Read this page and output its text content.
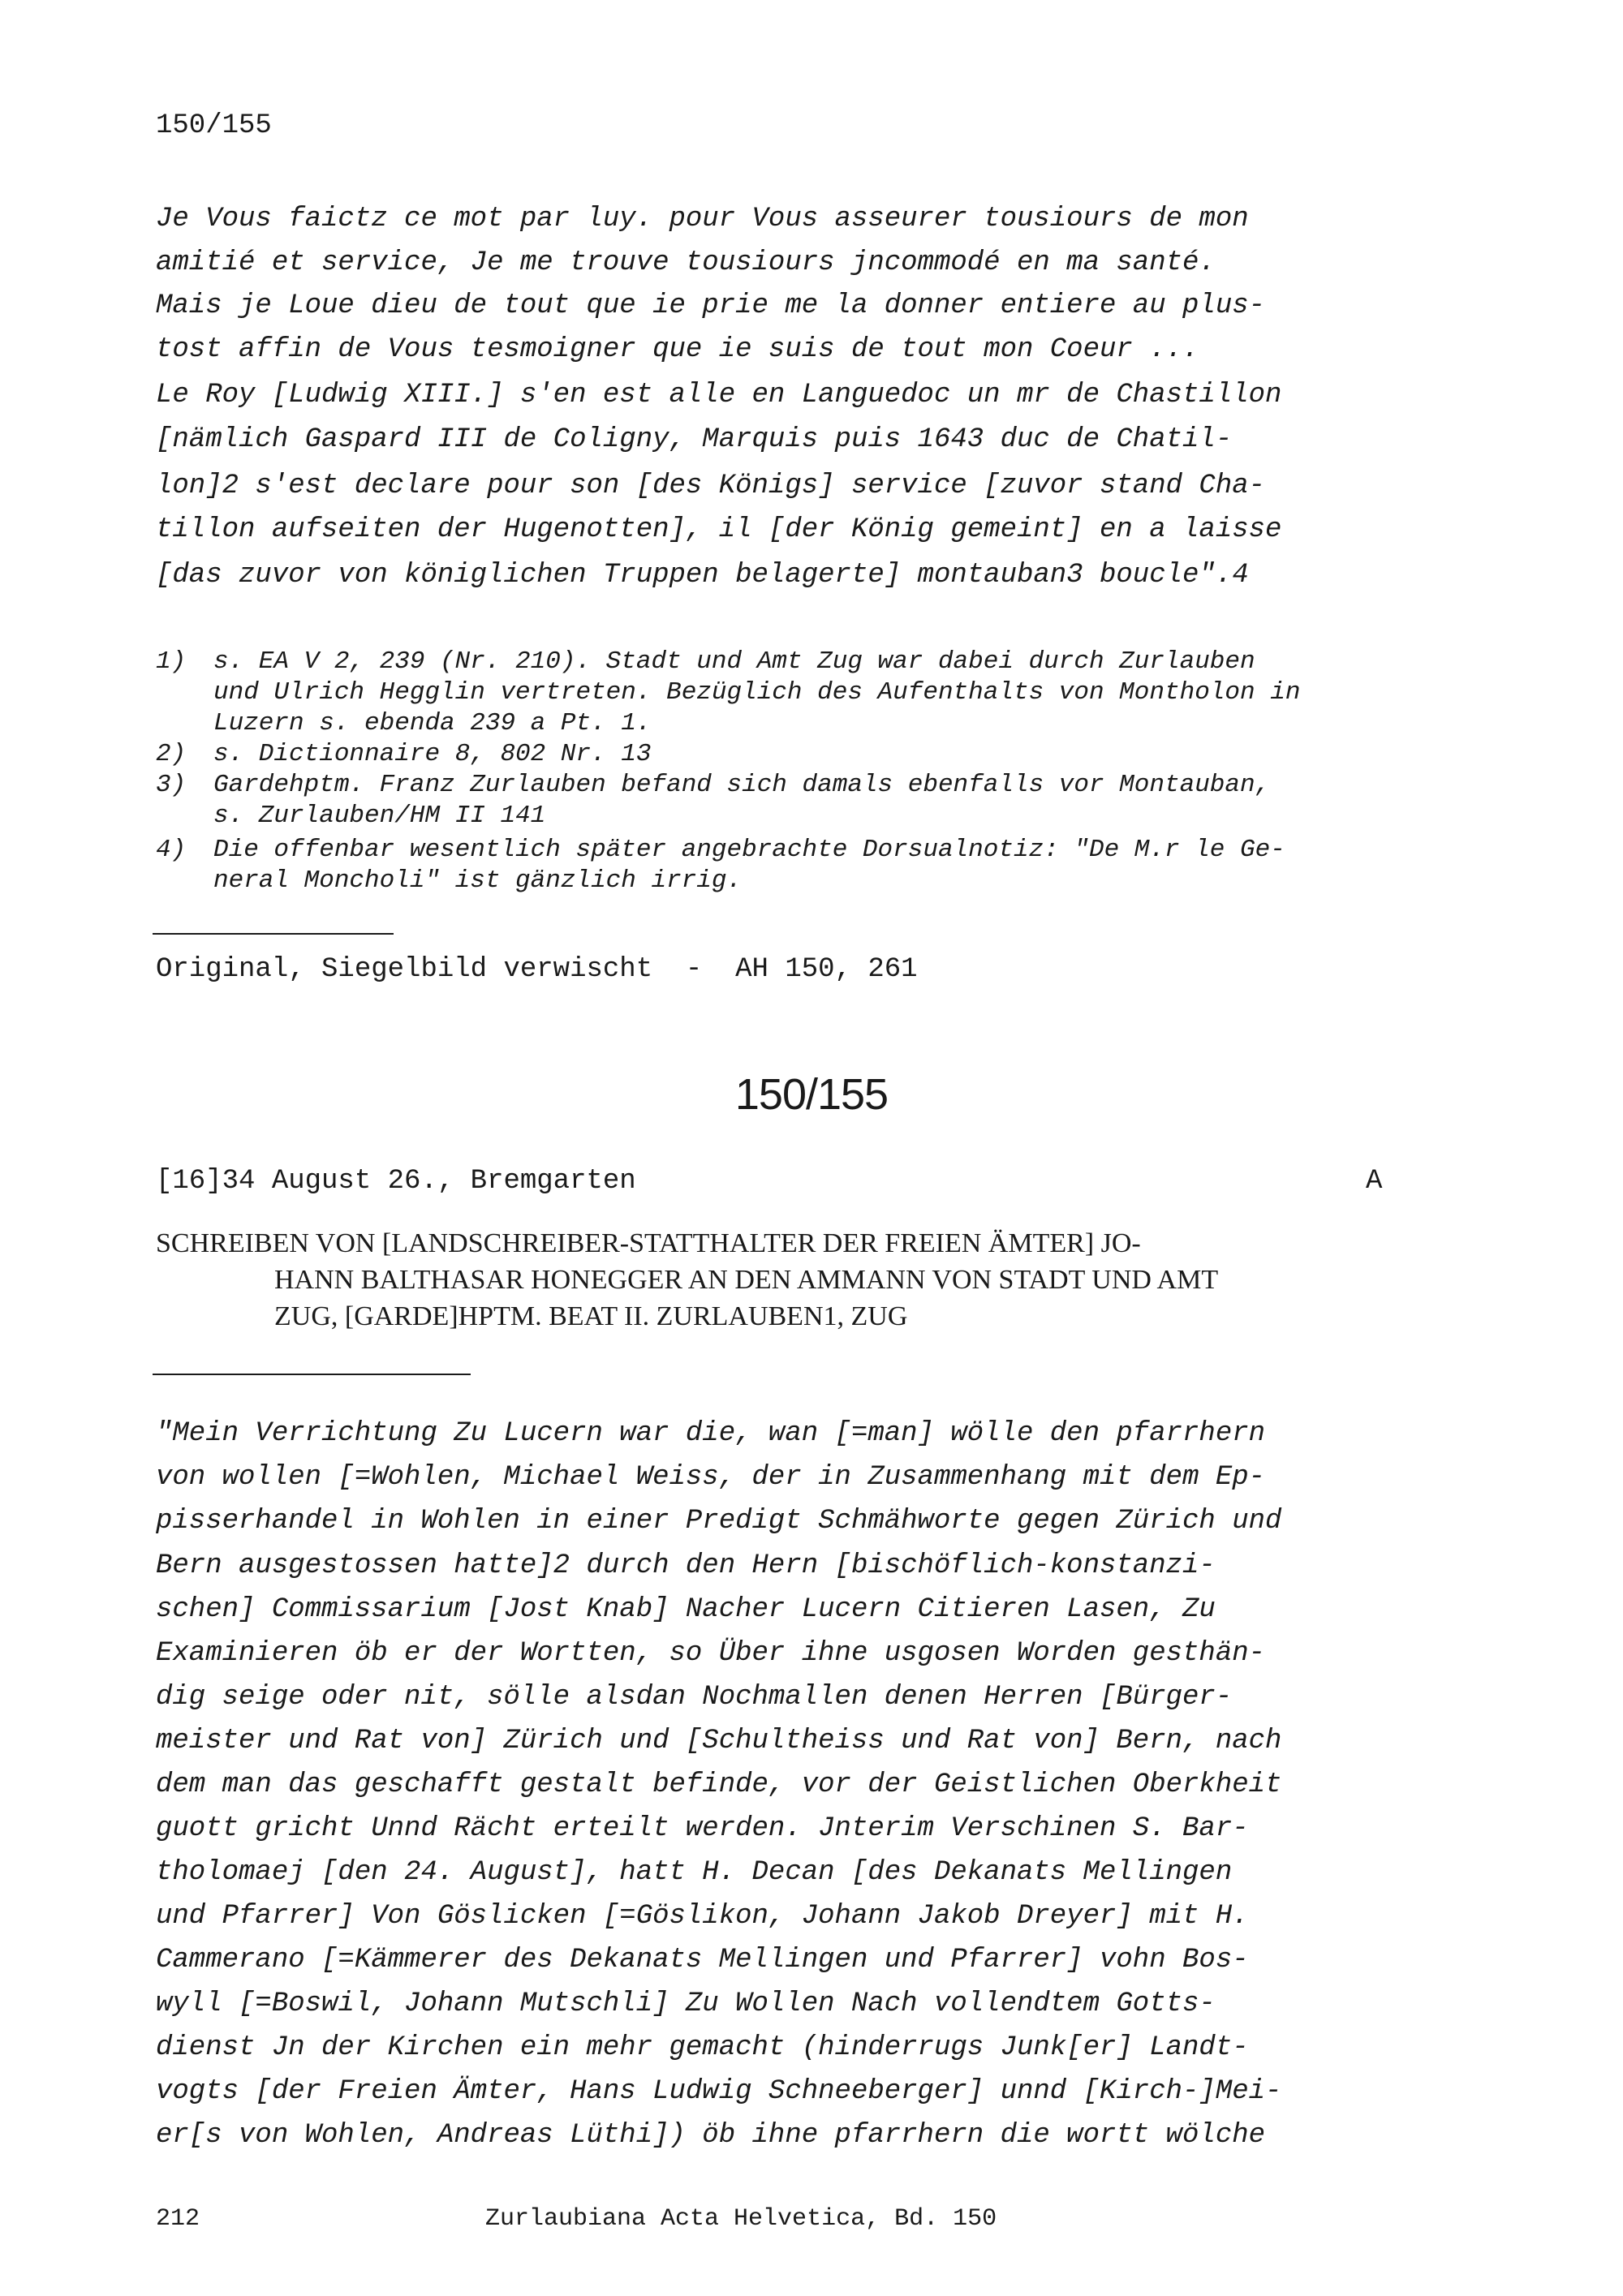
150/155
Je Vous faictz ce mot par luy. pour Vous asseurer tousiours de mon
amitié et service, Je me trouve tousiours jncommodé en ma santé.
Mais je Loue dieu de tout que ie prie me la donner entiere au plus-
tost affin de Vous tesmoigner que ie suis de tout mon Coeur ...
Le Roy [Ludwig XIII.] s'en est alle en Languedoc un mr de Chastillon
[nämlich Gaspard III de Coligny, Marquis puis 1643 duc de Chatil-
lon]2 s'est declare pour son [des Königs] service [zuvor stand Cha-
tillon aufseiten der Hugenotten], il [der König gemeint] en a laisse
[das zuvor von königlichen Truppen belagerte] montauban3 boucle".4
1) s. EA V 2, 239 (Nr. 210). Stadt und Amt Zug war dabei durch Zurlauben
und Ulrich Hegglin vertreten. Bezüglich des Aufenthalts von Montholon in
Luzern s. ebenda 239 a Pt. 1.
2) s. Dictionnaire 8, 802 Nr. 13
3) Gardehptm. Franz Zurlauben befand sich damals ebenfalls vor Montauban,
s. Zurlauben/HM II 141
4) Die offenbar wesentlich später angebrachte Dorsualnotiz: "De M.r le Ge-
neral Moncholi" ist gänzlich irrig.
Original, Siegelbild verwischt  -  AH 150, 261
150/155
[16]34 August 26., Bremgarten	A
SCHREIBEN VON [LANDSCHREIBER-STATTHALTER DER FREIEN ÄMTER] JO-
HANN BALTHASAR HONEGGER AN DEN AMMANN VON STADT UND AMT
ZUG, [GARDE]HPTM. BEAT II. ZURLAUBEN1, ZUG
"Mein Verrichtung Zu Lucern war die, wan [=man] wölle den pfarrhern
von wollen [=Wohlen, Michael Weiss, der in Zusammenhang mit dem Ep-
pisserhandel in Wohlen in einer Predigt Schmähworte gegen Zürich und
Bern ausgestossen hatte]2 durch den Hern [bischöflich-konstanzi-
schen] Commissarium [Jost Knab] Nacher Lucern Citieren Lasen, Zu
Examinieren öb er der Wortten, so Über ihne usgosen Worden gesthän-
dig seige oder nit, sölle alsdan Nochmallen denen Herren [Bürger-
meister und Rat von] Zürich und [Schultheiss und Rat von] Bern, nach
dem man das geschafft gestalt befinde, vor der Geistlichen Oberkheit
guott gricht Unnd Rächt erteilt werden. Jnterim Verschinen S. Bar-
tholomaej [den 24. August], hatt H. Decan [des Dekanats Mellingen
und Pfarrer] Von Göslicken [=Göslikon, Johann Jakob Dreyer] mit H.
Cammerano [=Kämmerer des Dekanats Mellingen und Pfarrer] vohn Bos-
wyll [=Boswil, Johann Mutschli] Zu Wollen Nach vollendtem Gotts-
dienst Jn der Kirchen ein mehr gemacht (hinderrugs Junk[er] Landt-
vogts [der Freien Ämter, Hans Ludwig Schneeberger] unnd [Kirch-]Mei-
er[s von Wohlen, Andreas Lüthi]) öb ihne pfarrhern die wortt wölche
212	Zurlaubiana Acta Helvetica, Bd. 150
